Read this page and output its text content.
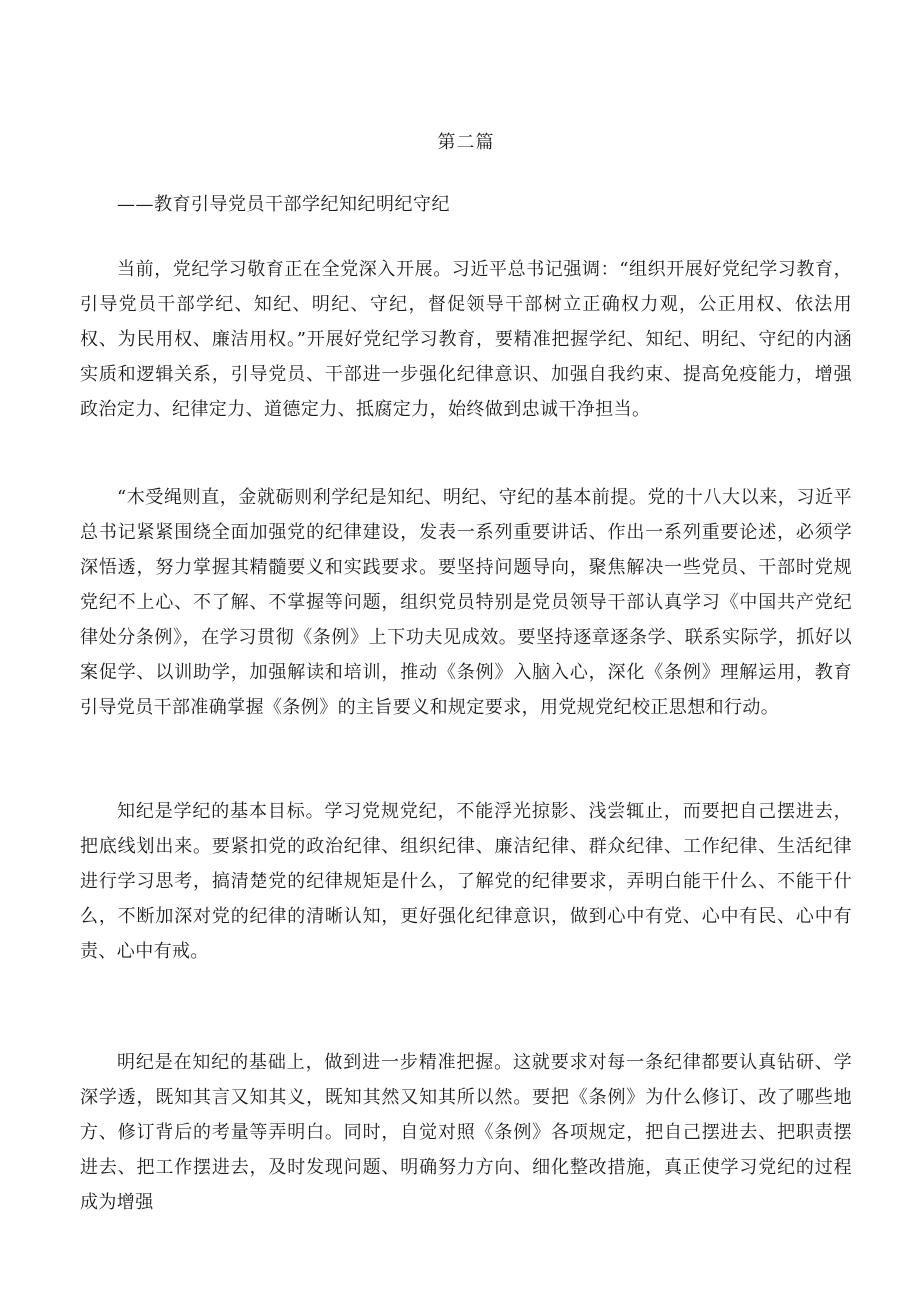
第二篇
——教育引导党员干部学纪知纪明纪守纪

当前，党纪学习敬育正在全党深入开展。习近平总书记强调：“组织开展好党纪学习教育，引导党员干部学纪、知纪、明纪、守纪，督促领导干部树立正确权力观，公正用权、依法用权、为民用权、廉洁用权。”开展好党纪学习教育，要精准把握学纪、知纪、明纪、守纪的内涵实质和逻辑关系，引导党员、干部进一步强化纪律意识、加强自我约束、提高免疫能力，增强政治定力、纪律定力、道德定力、抵腐定力，始终做到忠诚干净担当。

“木受绳则直，金就砺则利学纪是知纪、明纪、守纪的基本前提。党的十八大以来，习近平总书记紧紧围绕全面加强党的纪律建设，发表一系列重要讲话、作出一系列重要论述，必须学深悟透，努力掌握其精髓要义和实践要求。要坚持问题导向，聚焦解决一些党员、干部时党规党纪不上心、不了解、不掌握等问题，组织党员特别是党员领导干部认真学习《中国共产党纪律处分条例》，在学习贯彻《条例》上下功夫见成效。要坚持逐章逐条学、联系实际学，抓好以案促学、以训助学，加强解读和培训，推动《条例》入脑入心，深化《条例》理解运用，教育引导党员干部准确掌握《条例》的主旨要义和规定要求，用党规党纪校正思想和行动。

知纪是学纪的基本目标。学习党规党纪，不能浮光掠影、浅尝辄止，而要把自己摆进去，把底线划出来。要紧扣党的政治纪律、组织纪律、廉洁纪律、群众纪律、工作纪律、生活纪律进行学习思考，搞清楚党的纪律规矩是什么，了解党的纪律要求，弄明白能干什么、不能干什么，不断加深对党的纪律的清晰认知，更好强化纪律意识，做到心中有党、心中有民、心中有责、心中有戒。

明纪是在知纪的基础上，做到进一步精准把握。这就要求对每一条纪律都要认真钻研、学深学透，既知其言又知其义，既知其然又知其所以然。要把《条例》为什么修订、改了哪些地方、修订背后的考量等弄明白。同时，自觉对照《条例》各项规定，把自己摆进去、把职责摆进去、把工作摆进去，及时发现问题、明确努力方向、细化整改措施，真正使学习党纪的过程成为增强
